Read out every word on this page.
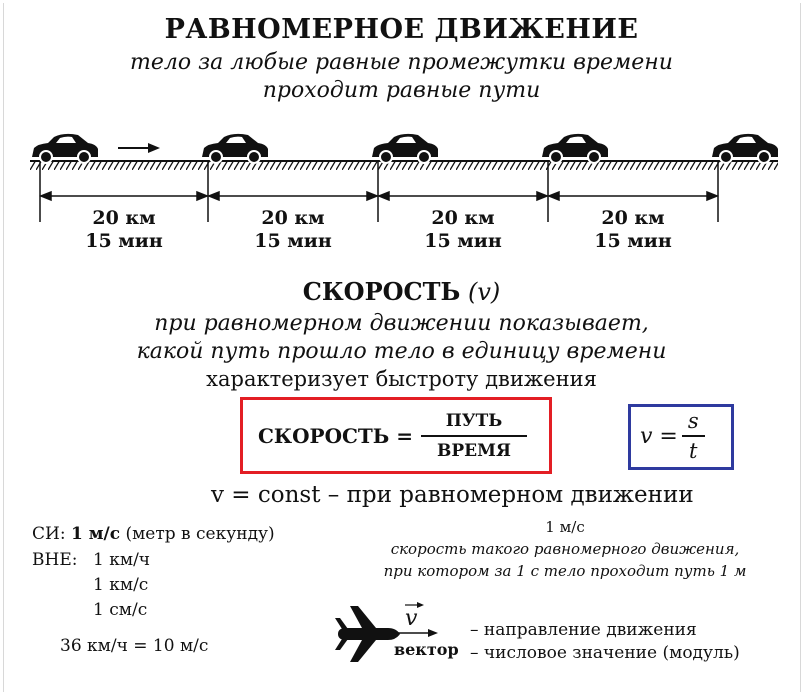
РАВНОМЕРНОЕ ДВИЖЕНИЕ
тело за любые равные промежутки времени
проходит равные пути
20 км
15 мин
20 км
15 мин
20 км
15 мин
20 км
15 мин
СКОРОСТЬ (v)
при равномерном движении показывает,
какой путь прошло тело в единицу времени
характеризует быстроту движения
СКОРОСТЬ = $\frac{\text{ПУТЬ}}{\text{ВРЕМЯ}}$	$v = \frac{s}{t}$
v = const – при равномерном движении
СИ: 1 м/с (метр в секунду)
ВНЕ: 1 км/ч
1 км/с
1 см/с
36 км/ч = 10 м/с
1 м/с
скорость такого равномерного движения,
при котором за 1 с тело проходит путь 1 м
v
вектор
– направление движения
– числовое значение (модуль)
